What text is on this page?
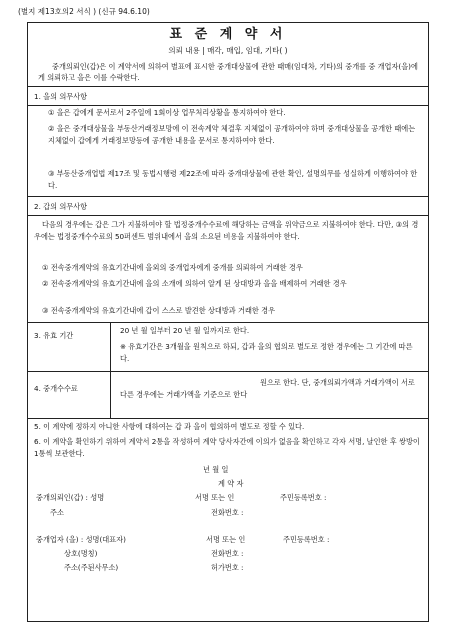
(별지 제13호의2 서식 ) (신규 94.6.10)
표 준 계 약 서
의뢰 내용 | 매각, 매입, 임대, 기타( )
중개의뢰인(갑)은 이 계약서에 의하여 별표에 표시한 중개대상물에 관한 때매(임대차, 기타)의 중개를 중 개업자(을)에게 의뢰하고 을은 이를 수락한다.
1. 을의 의무사항
① 을은 갑에게 문서로서 2주일에 1회이상 업무처리상황을 통지하여야 한다.
② 을은 중개대상물을 부동산거래정보망에 이 전속계약 체결후 지체없이 공개하여야 하며 중개대상물을 공개한 때에는 지체없이 갑에게 거래정보망등에 공개한 내용을 문서로 통지하여야 한다.
③ 부동산중개업법 제17조 및 동법시행령 제22조에 따라 중개대상물에 관한 확인, 설명의무를 성실하게 이행하여야 한다.
2. 갑의 의무사항
다음의 경우에는 갑은 그가 지불하여야 할 법정중개수수료에 해당하는 금액을 위약금으로 지불하여야 한다. 다만, ③의 경우에는 법정중개수수료의 50퍼센트 범위내에서 을의 소요된 비용을 지불하여야 한다.
① 전속중개계약의 유효기간내에 을외의 중개업자에게 중개를 의뢰하여 거래한 경우
② 전속중개계약의 유효기간내에 을의 소개에 의하여 알게 된 상대방과 을을 배제하여 거래한 경우
③ 전속중개계약의 유효기간내에 갑이 스스로 발견한 상대방과 거래한 경우
3. 유효 기간
20 년 월 일부터 20 년 월 일까지로 한다.
※ 유효기간은 3개월을 원칙으로 하되, 갑과 을의 협의로 별도로 정한 경우에는 그 기간에 따른다.
4. 중개수수료
원으로 한다. 단, 중개의뢰가액과 거래가액이 서로 다른 경우에는 거래가액을 기준으로 한다
5. 이 계약에 정하지 아니한 사항에 대하여는 갑 과 을이 협의하여 별도로 정할 수 있다.
6. 이 계약을 확인하기 위하여 계약서 2통을 작성하여 계약 당사자간에 이의가 없음을 확인하고 각자 서명, 날인한 후 쌍방이 1통씩 보관한다.
년 월 일
계 약 자
중개의뢰인(갑) : 성명	서명 또는 인	주민등록번호 :
주소	전화번호 :
중개업자 (을) : 성명(대표자)	서명 또는 인	주민등록번호 :
상호(명칭)	전화번호 :
주소(주된사무소)	허가번호 :
